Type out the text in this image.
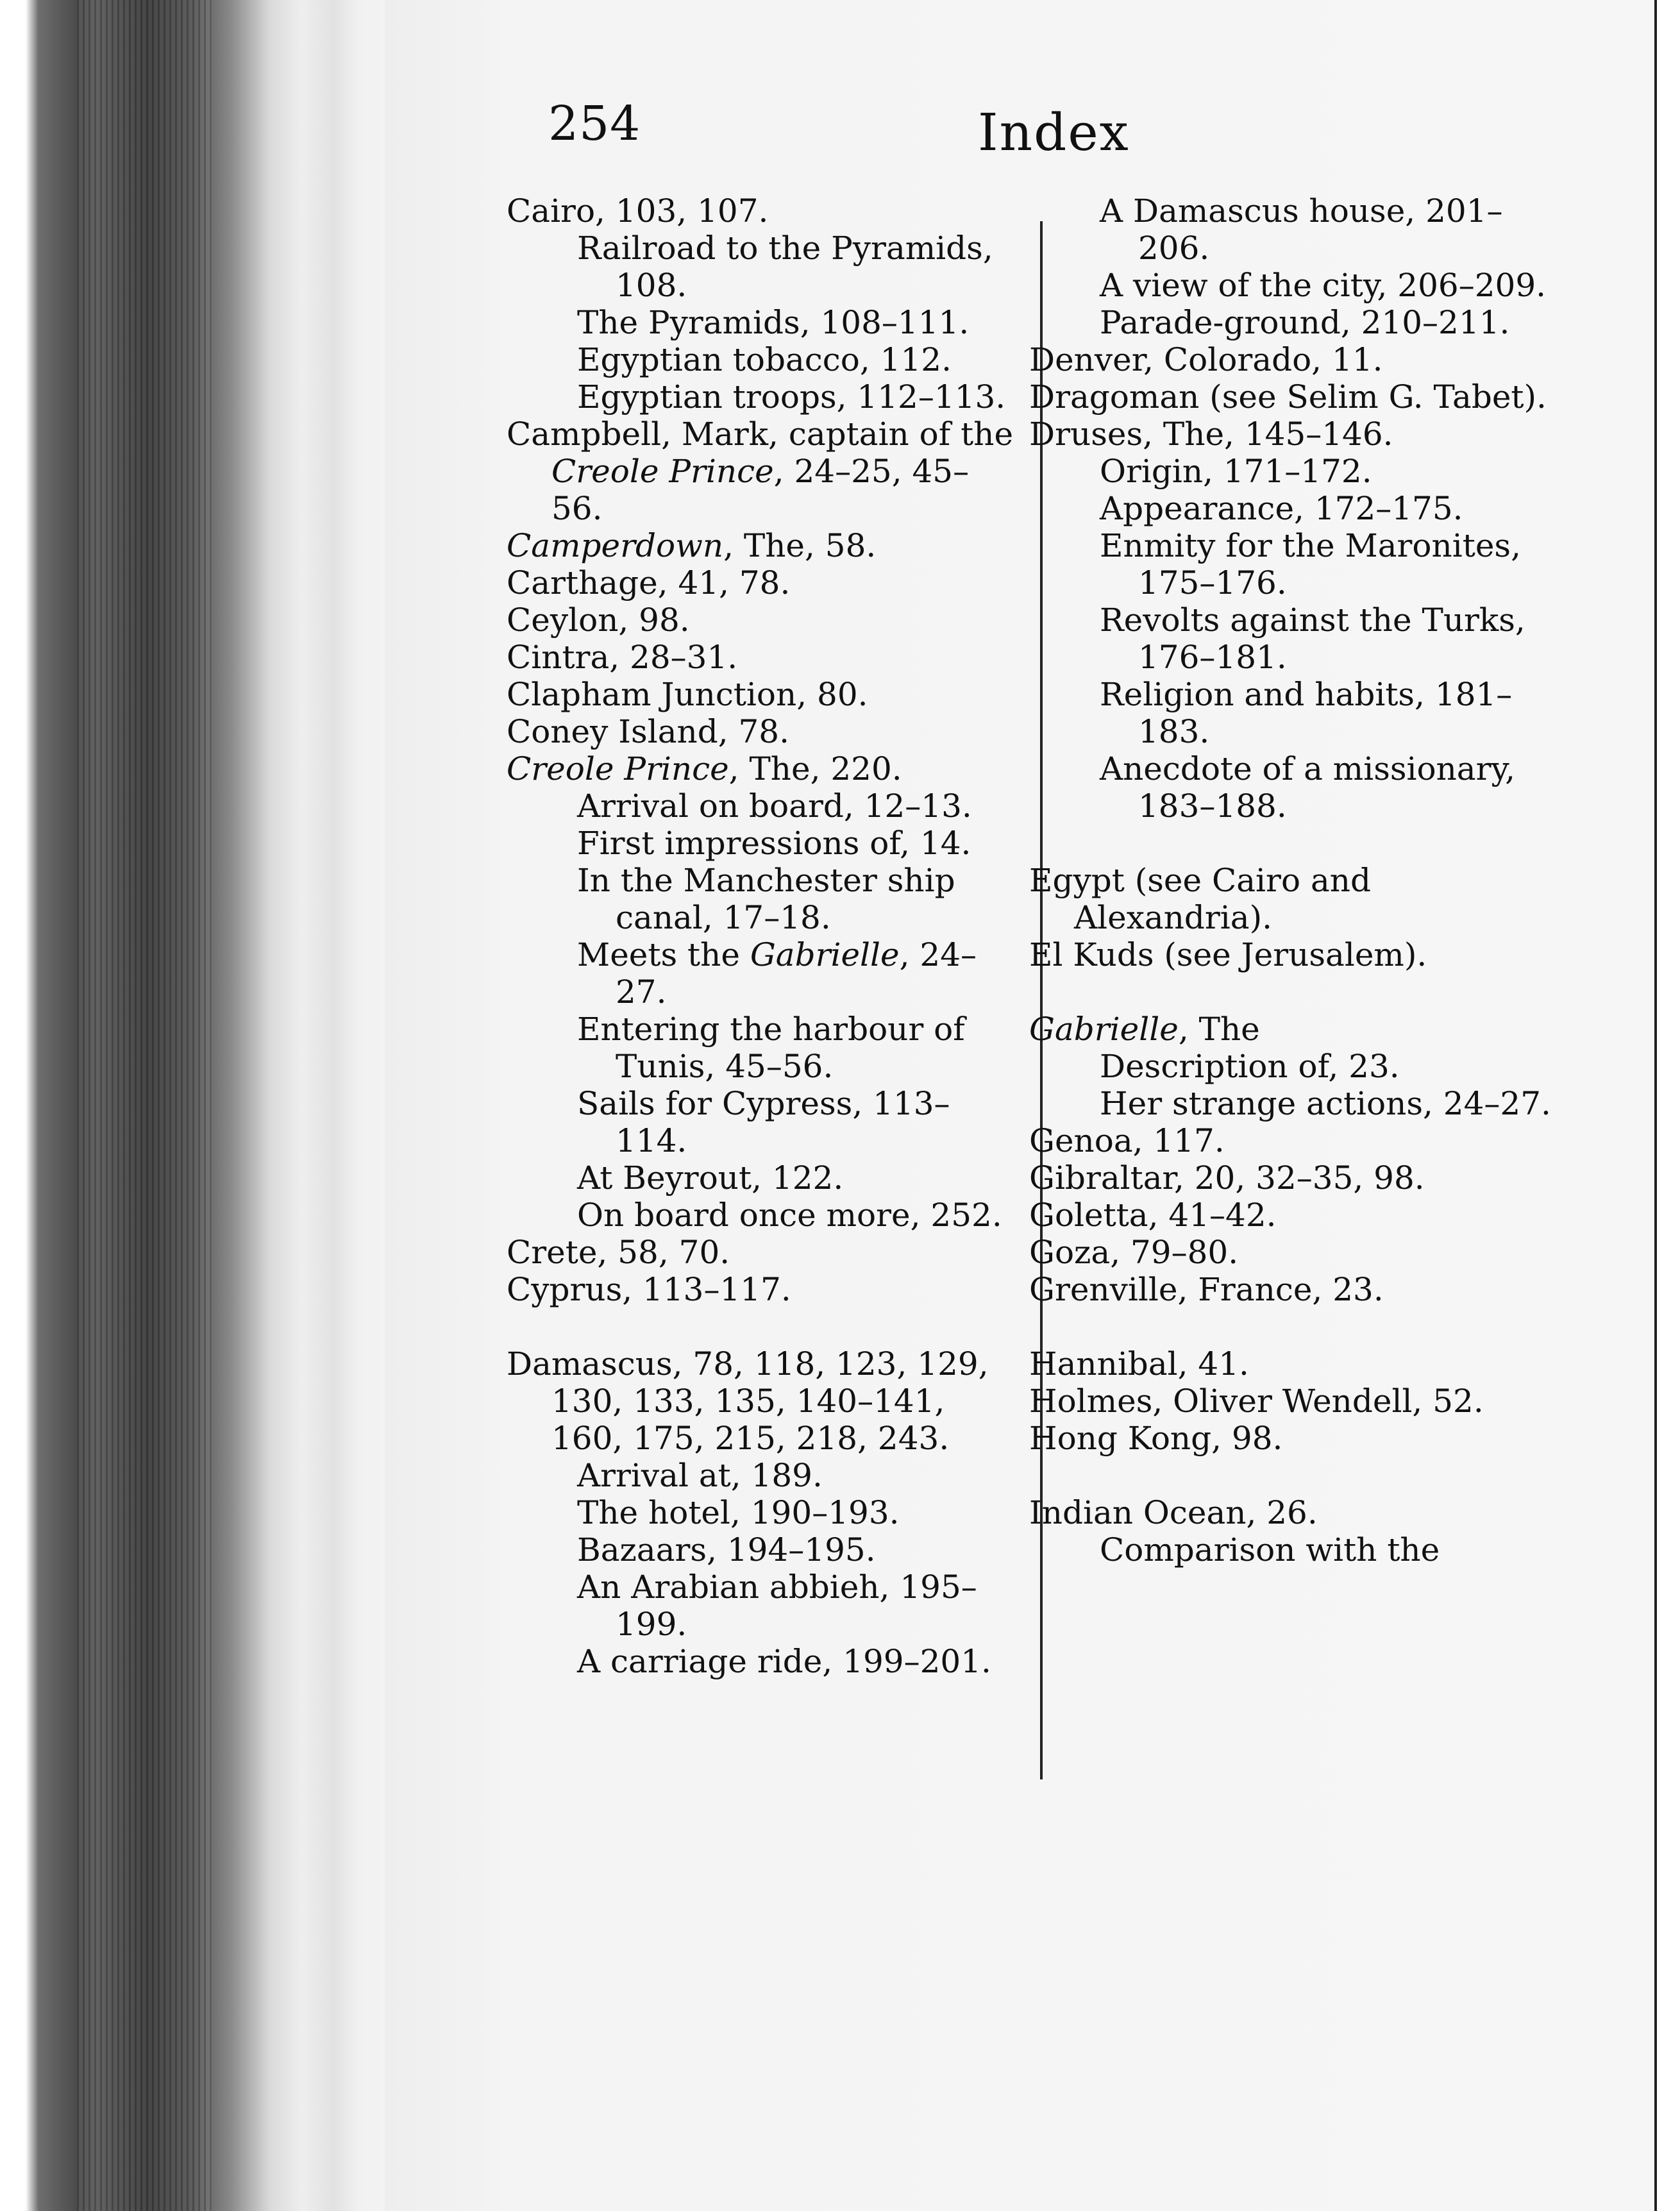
254	Index

Cairo, 103, 107.

Railroad to the Pyramids, 108.

The Pyramids, 108–111.

Egyptian tobacco, 112.

Egyptian troops, 112–113.

Campbell, Mark, captain of the Creole Prince, 24–25, 45–56.

Camperdown, The, 58.

Carthage, 41, 78.

Ceylon, 98.

Cintra, 28–31.

Clapham Junction, 80.

Coney Island, 78.

Creole Prince, The, 220.

Arrival on board, 12–13.

First impressions of, 14.

In the Manchester ship canal, 17–18.

Meets the Gabrielle, 24–27.

Entering the harbour of Tunis, 45–56.

Sails for Cypress, 113–114.

At Beyrout, 122.

On board once more, 252.

Crete, 58, 70.

Cyprus, 113–117.

Damascus, 78, 118, 123, 129, 130, 133, 135, 140–141, 160, 175, 215, 218, 243.

Arrival at, 189.

The hotel, 190–193.

Bazaars, 194–195.

An Arabian abbieh, 195–199.

A carriage ride, 199–201.

A Damascus house, 201–206.

A view of the city, 206–209.

Parade-ground, 210–211.

Denver, Colorado, 11.

Dragoman (see Selim G. Tabet).

Druses, The, 145–146.

Origin, 171–172.

Appearance, 172–175.

Enmity for the Maronites, 175–176.

Revolts against the Turks, 176–181.

Religion and habits, 181–183.

Anecdote of a missionary, 183–188.

Egypt (see Cairo and Alexandria).

El Kuds (see Jerusalem).

Gabrielle, The

Description of, 23.

Her strange actions, 24–27.

Genoa, 117.

Gibraltar, 20, 32–35, 98.

Goletta, 41–42.

Goza, 79–80.

Grenville, France, 23.

Hannibal, 41.

Holmes, Oliver Wendell, 52.

Hong Kong, 98.

Indian Ocean, 26.

Comparison with the
